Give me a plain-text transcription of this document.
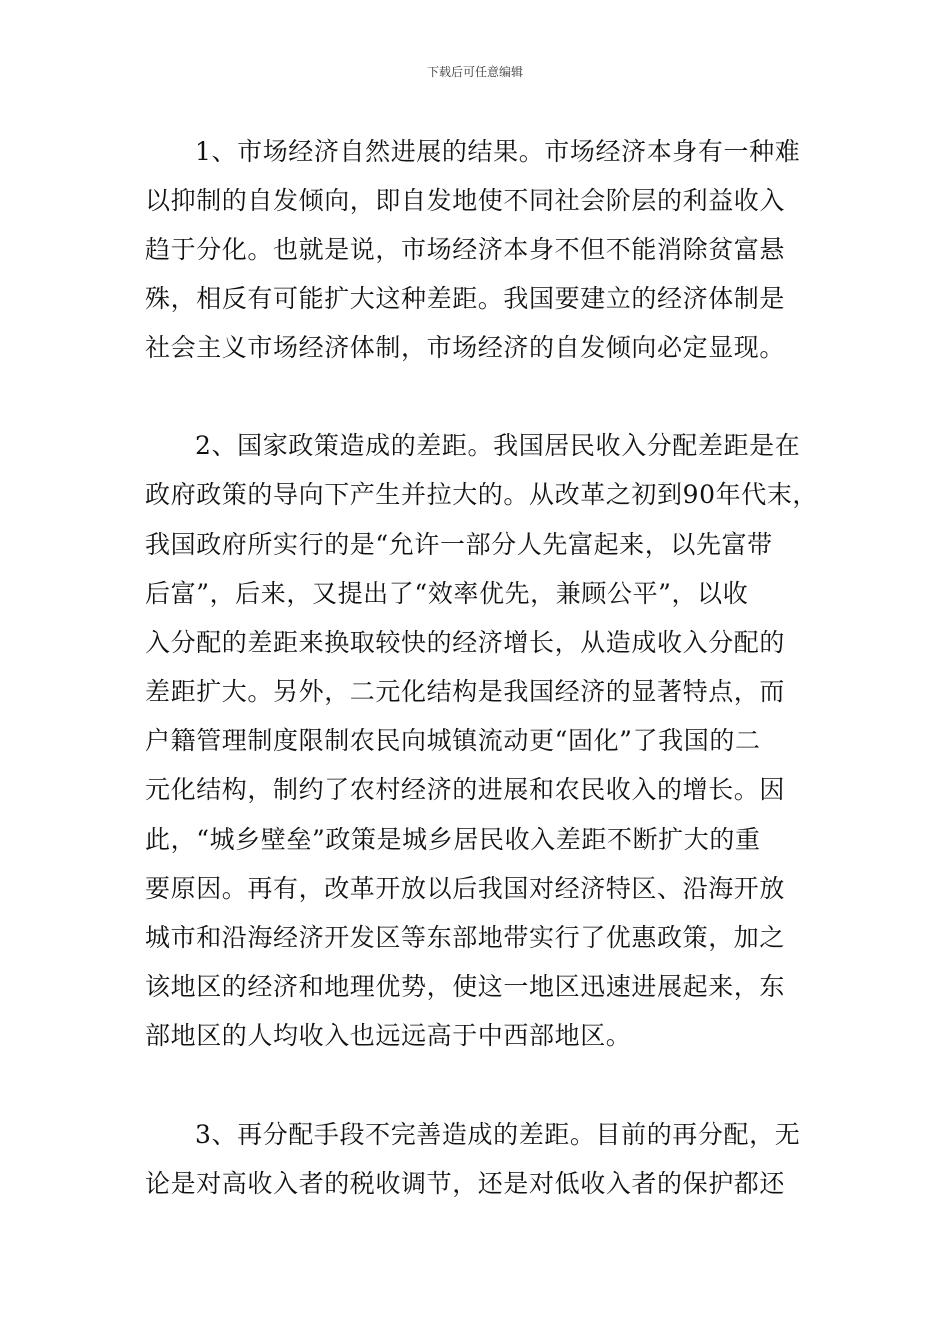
下载后可任意编辑
1、市场经济自然进展的结果。市场经济本身有一种难
以抑制的自发倾向，即自发地使不同社会阶层的利益收入
趋于分化。也就是说，市场经济本身不但不能消除贫富悬
殊，相反有可能扩大这种差距。我国要建立的经济体制是
社会主义市场经济体制，市场经济的自发倾向必定显现。
2、国家政策造成的差距。我国居民收入分配差距是在
政府政策的导向下产生并拉大的。从改革之初到90年代末，
我国政府所实行的是“允许一部分人先富起来，以先富带
后富”，后来，又提出了“效率优先，兼顾公平”，以收
入分配的差距来换取较快的经济增长，从造成收入分配的
差距扩大。另外，二元化结构是我国经济的显著特点，而
户籍管理制度限制农民向城镇流动更“固化”了我国的二
元化结构，制约了农村经济的进展和农民收入的增长。因
此，“城乡壁垒”政策是城乡居民收入差距不断扩大的重
要原因。再有，改革开放以后我国对经济特区、沿海开放
城市和沿海经济开发区等东部地带实行了优惠政策，加之
该地区的经济和地理优势，使这一地区迅速进展起来，东
部地区的人均收入也远远高于中西部地区。
3、再分配手段不完善造成的差距。目前的再分配，无
论是对高收入者的税收调节，还是对低收入者的保护都还
